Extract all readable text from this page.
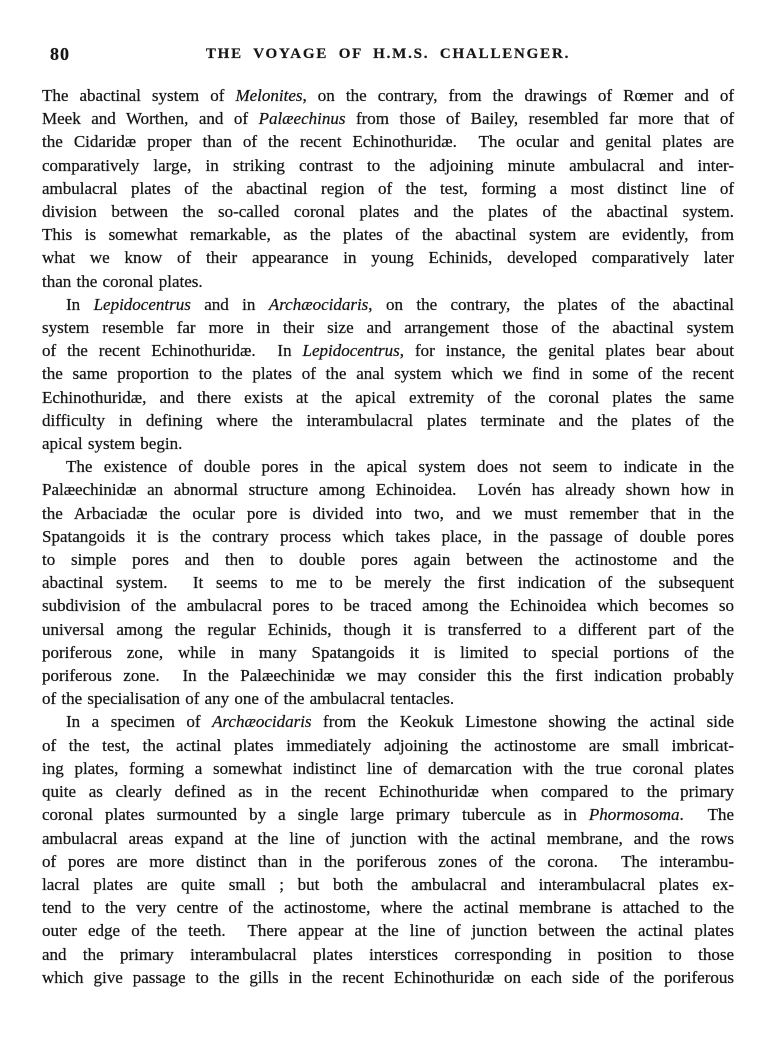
80	THE VOYAGE OF H.M.S. CHALLENGER.
The abactinal system of Melonites, on the contrary, from the drawings of Rœmer and of
Meek and Worthen, and of Palæechinus from those of Bailey, resembled far more that of
the Cidaridæ proper than of the recent Echinothuridæ.  The ocular and genital plates are
comparatively large, in striking contrast to the adjoining minute ambulacral and inter-
ambulacral plates of the abactinal region of the test, forming a most distinct line of
division between the so-called coronal plates and the plates of the abactinal system.
This is somewhat remarkable, as the plates of the abactinal system are evidently, from
what we know of their appearance in young Echinids, developed comparatively later
than the coronal plates.
In Lepidocentrus and in Archæocidaris, on the contrary, the plates of the abactinal
system resemble far more in their size and arrangement those of the abactinal system
of the recent Echinothuridæ.  In Lepidocentrus, for instance, the genital plates bear about
the same proportion to the plates of the anal system which we find in some of the recent
Echinothuridæ, and there exists at the apical extremity of the coronal plates the same
difficulty in defining where the interambulacral plates terminate and the plates of the
apical system begin.
The existence of double pores in the apical system does not seem to indicate in the
Palæechinidæ an abnormal structure among Echinoidea.  Lovén has already shown how in
the Arbaciadæ the ocular pore is divided into two, and we must remember that in the
Spatangoids it is the contrary process which takes place, in the passage of double pores
to simple pores and then to double pores again between the actinostome and the
abactinal system.  It seems to me to be merely the first indication of the subsequent
subdivision of the ambulacral pores to be traced among the Echinoidea which becomes so
universal among the regular Echinids, though it is transferred to a different part of the
poriferous zone, while in many Spatangoids it is limited to special portions of the
poriferous zone.  In the Palæechinidæ we may consider this the first indication probably
of the specialisation of any one of the ambulacral tentacles.
In a specimen of Archæocidaris from the Keokuk Limestone showing the actinal side
of the test, the actinal plates immediately adjoining the actinostome are small imbricat-
ing plates, forming a somewhat indistinct line of demarcation with the true coronal plates
quite as clearly defined as in the recent Echinothuridæ when compared to the primary
coronal plates surmounted by a single large primary tubercule as in Phormosoma.  The
ambulacral areas expand at the line of junction with the actinal membrane, and the rows
of pores are more distinct than in the poriferous zones of the corona.  The interambu-
lacral plates are quite small ; but both the ambulacral and interambulacral plates ex-
tend to the very centre of the actinostome, where the actinal membrane is attached to the
outer edge of the teeth.  There appear at the line of junction between the actinal plates
and the primary interambulacral plates interstices corresponding in position to those
which give passage to the gills in the recent Echinothuridæ on each side of the poriferous
